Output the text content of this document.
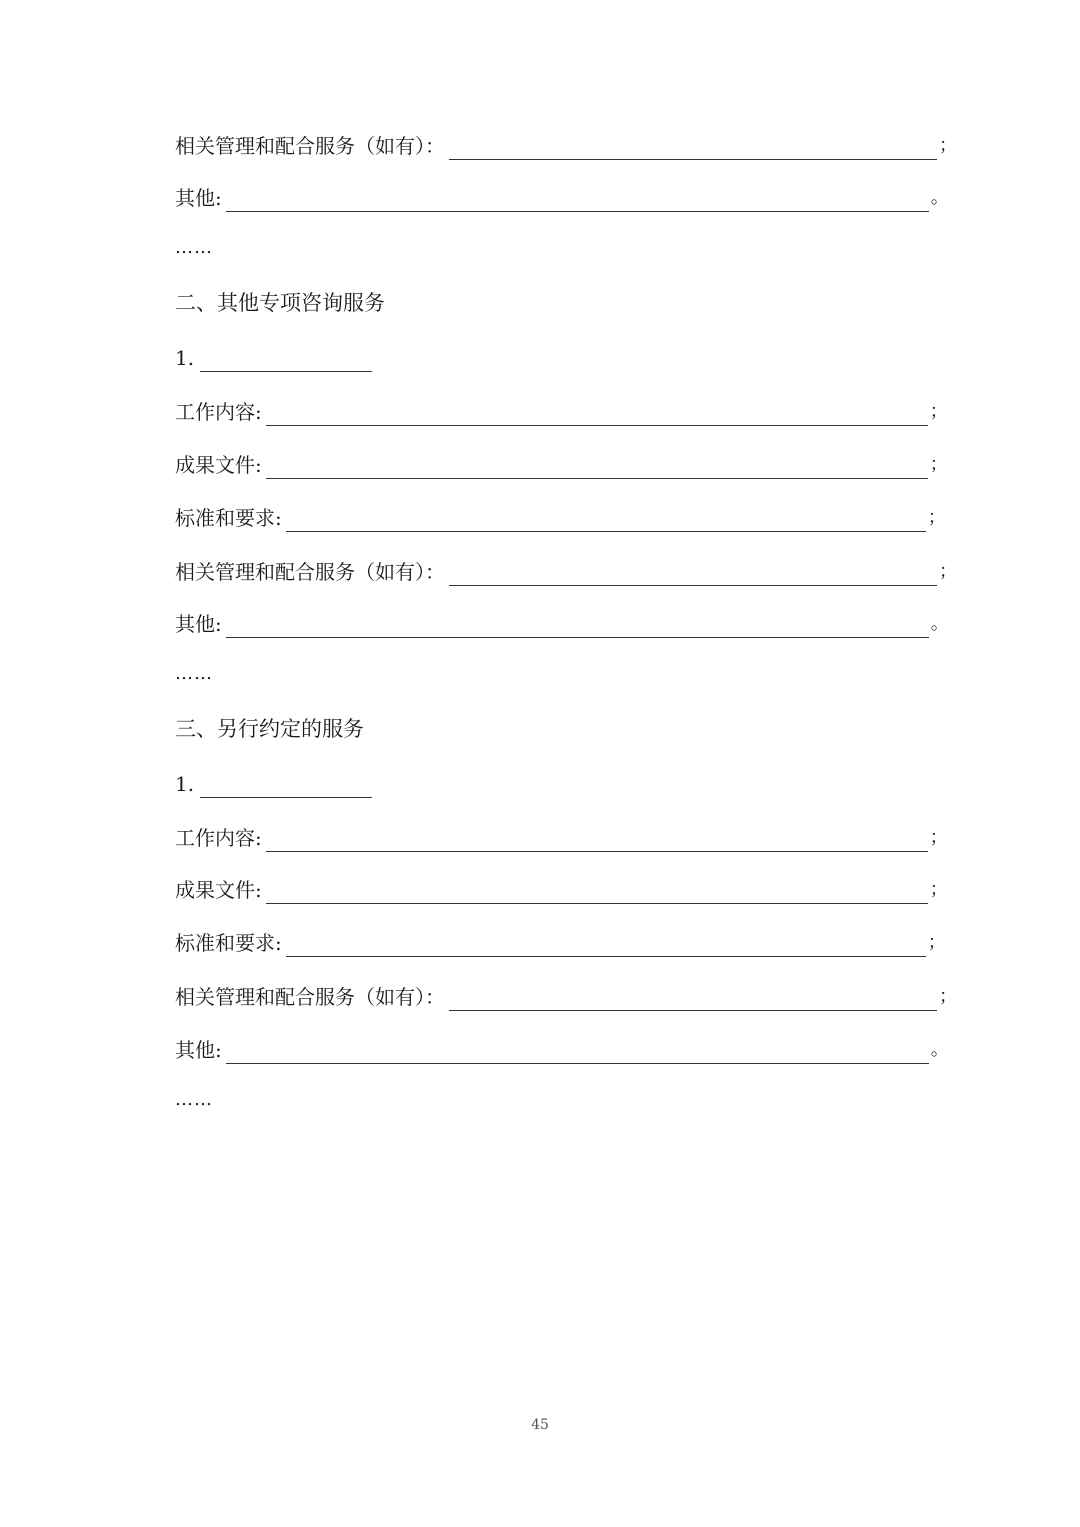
相关管理和配合服务（如有）：	；
其他:	。
……
二、其他专项咨询服务
1.
工作内容:	；
成果文件:	；
标准和要求:	；
相关管理和配合服务（如有）：	；
其他:	。
……
三、另行约定的服务
1.
工作内容:	；
成果文件:	；
标准和要求:	；
相关管理和配合服务（如有）：	；
其他:	。
……
45
